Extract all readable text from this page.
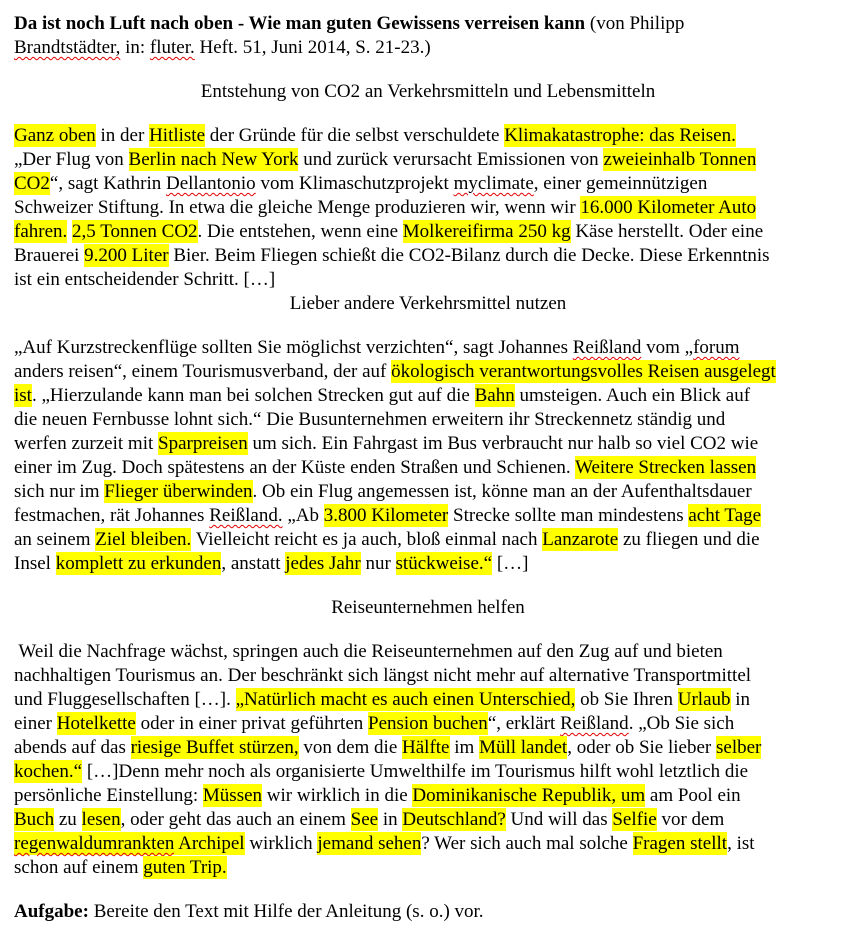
Da ist noch Luft nach oben - Wie man guten Gewissens verreisen kann (von Philipp
Brandtstädter, in: fluter. Heft. 51, Juni 2014, S. 21-23.)
Entstehung von CO2 an Verkehrsmitteln und Lebensmitteln
Ganz oben in der Hitliste der Gründe für die selbst verschuldete Klimakatastrophe: das Reisen.
„Der Flug von Berlin nach New York und zurück verursacht Emissionen von zweieinhalb Tonnen
CO2“, sagt Kathrin Dellantonio vom Klimaschutzprojekt myclimate, einer gemeinnützigen
Schweizer Stiftung. In etwa die gleiche Menge produzieren wir, wenn wir 16.000 Kilometer Auto
fahren. 2,5 Tonnen CO2. Die entstehen, wenn eine Molkereifirma 250 kg Käse herstellt. Oder eine
Brauerei 9.200 Liter Bier. Beim Fliegen schießt die CO2-Bilanz durch die Decke. Diese Erkenntnis
ist ein entscheidender Schritt. […]
Lieber andere Verkehrsmittel nutzen
„Auf Kurzstreckenflüge sollten Sie möglichst verzichten“, sagt Johannes Reißland vom „forum
anders reisen“, einem Tourismusverband, der auf ökologisch verantwortungsvolles Reisen ausgelegt
ist. „Hierzulande kann man bei solchen Strecken gut auf die Bahn umsteigen. Auch ein Blick auf
die neuen Fernbusse lohnt sich.“ Die Busunternehmen erweitern ihr Streckennetz ständig und
werfen zurzeit mit Sparpreisen um sich. Ein Fahrgast im Bus verbraucht nur halb so viel CO2 wie
einer im Zug. Doch spätestens an der Küste enden Straßen und Schienen. Weitere Strecken lassen
sich nur im Flieger überwinden. Ob ein Flug angemessen ist, könne man an der Aufenthaltsdauer
festmachen, rät Johannes Reißland. „Ab 3.800 Kilometer Strecke sollte man mindestens acht Tage
an seinem Ziel bleiben. Vielleicht reicht es ja auch, bloß einmal nach Lanzarote zu fliegen und die
Insel komplett zu erkunden, anstatt jedes Jahr nur stückweise.“ […]
Reiseunternehmen helfen
Weil die Nachfrage wächst, springen auch die Reiseunternehmen auf den Zug auf und bieten
nachhaltigen Tourismus an. Der beschränkt sich längst nicht mehr auf alternative Transportmittel
und Fluggesellschaften […]. „Natürlich macht es auch einen Unterschied, ob Sie Ihren Urlaub in
einer Hotelkette oder in einer privat geführten Pension buchen“, erklärt Reißland. „Ob Sie sich
abends auf das riesige Buffet stürzen, von dem die Hälfte im Müll landet, oder ob Sie lieber selber
kochen.“ […]Denn mehr noch als organisierte Umwelthilfe im Tourismus hilft wohl letztlich die
persönliche Einstellung: Müssen wir wirklich in die Dominikanische Republik, um am Pool ein
Buch zu lesen, oder geht das auch an einem See in Deutschland? Und will das Selfie vor dem
regenwaldumrankten Archipel wirklich jemand sehen? Wer sich auch mal solche Fragen stellt, ist
schon auf einem guten Trip.
Aufgabe: Bereite den Text mit Hilfe der Anleitung (s. o.) vor.
